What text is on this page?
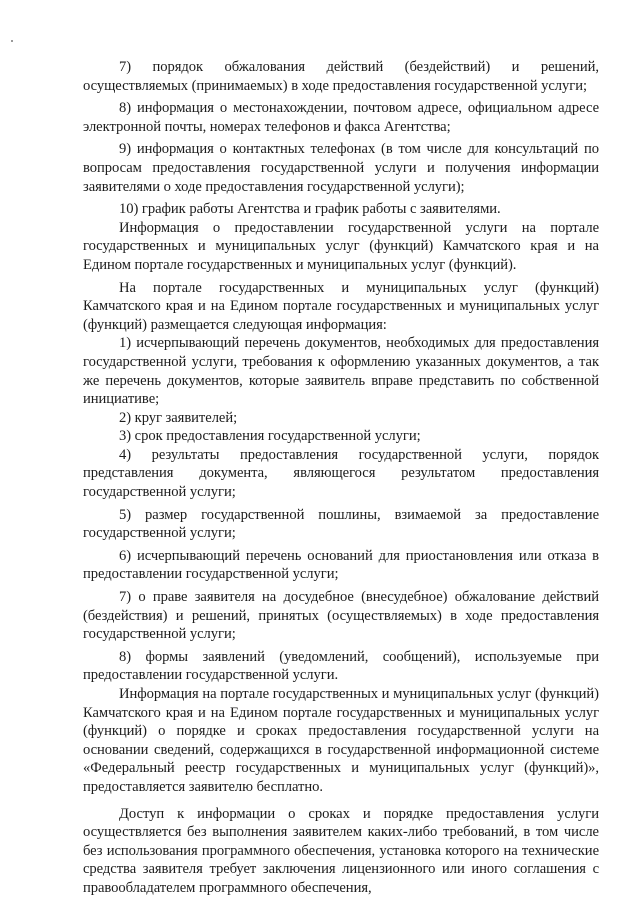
7) порядок обжалования действий (бездействий) и решений, осуществляемых (принимаемых) в ходе предоставления государственной услуги;

8) информация о местонахождении, почтовом адресе, официальном адресе электронной почты, номерах телефонов и факса Агентства;

9) информация о контактных телефонах (в том числе для консультаций по вопросам предоставления государственной услуги и получения информации заявителями о ходе предоставления государственной услуги);

10) график работы Агентства и график работы с заявителями.

Информация о предоставлении государственной услуги на портале государственных и муниципальных услуг (функций) Камчатского края и на Едином портале государственных и муниципальных услуг (функций).

На портале государственных и муниципальных услуг (функций) Камчатского края и на Едином портале государственных и муниципальных услуг (функций) размещается следующая информация:

1) исчерпывающий перечень документов, необходимых для предоставления государственной услуги, требования к оформлению указанных документов, а так же перечень документов, которые заявитель вправе представить по собственной инициативе;

2) круг заявителей;

3) срок предоставления государственной услуги;

4) результаты предоставления государственной услуги, порядок представления документа, являющегося результатом предоставления государственной услуги;

5) размер государственной пошлины, взимаемой за предоставление государственной услуги;

6) исчерпывающий перечень оснований для приостановления или отказа в предоставлении государственной услуги;

7) о праве заявителя на досудебное (внесудебное) обжалование действий (бездействия) и решений, принятых (осуществляемых) в ходе предоставления государственной услуги;

8) формы заявлений (уведомлений, сообщений), используемые при предоставлении государственной услуги.

Информация на портале государственных и муниципальных услуг (функций) Камчатского края и на Едином портале государственных и муниципальных услуг (функций) о порядке и сроках предоставления государственной услуги на основании сведений, содержащихся в государственной информационной системе «Федеральный реестр государственных и муниципальных услуг (функций)», предоставляется заявителю бесплатно.

Доступ к информации о сроках и порядке предоставления услуги осуществляется без выполнения заявителем каких-либо требований, в том числе без использования программного обеспечения, установка которого на технические средства заявителя требует заключения лицензионного или иного соглашения с правообладателем программного обеспечения,
